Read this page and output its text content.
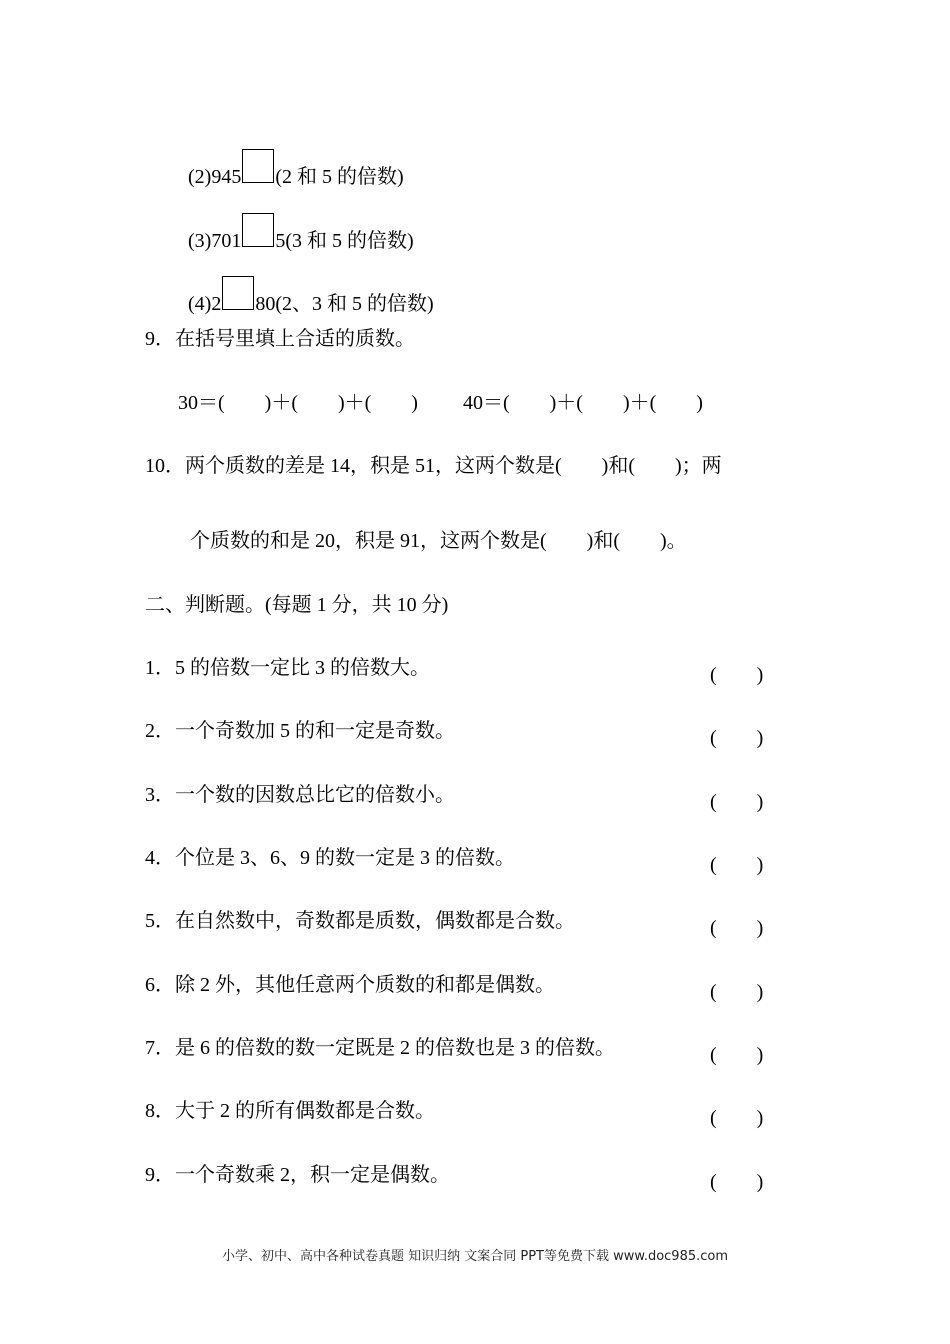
(2)945 (2 和 5 的倍数)

(3)701 5(3 和 5 的倍数)

(4)2 80(2、3 和 5 的倍数)

9．在括号里填上合适的质数。
30＝(　　)＋(　　)＋(　　)　　 40＝(　　)＋(　　)＋(　　)
10．两个质数的差是 14，积是 51，这两个数是(　　)和(　　)；两
个质数的和是 20，积是 91，这两个数是(　　)和(　　)。
二、判断题。(每题 1 分，共 10 分)
1．5 的倍数一定比 3 的倍数大。	(　　)
2．一个奇数加 5 的和一定是奇数。	(　　)
3．一个数的因数总比它的倍数小。	(　　)
4．个位是 3、6、9 的数一定是 3 的倍数。	(　　)
5．在自然数中，奇数都是质数，偶数都是合数。	(　　)
6．除 2 外，其他任意两个质数的和都是偶数。	(　　)
7．是 6 的倍数的数一定既是 2 的倍数也是 3 的倍数。	(　　)
8．大于 2 的所有偶数都是合数。	(　　)
9．一个奇数乘 2，积一定是偶数。	(　　)
小学、初中、高中各种试卷真题 知识归纳 文案合同 PPT等免费下载 www.doc985.com
